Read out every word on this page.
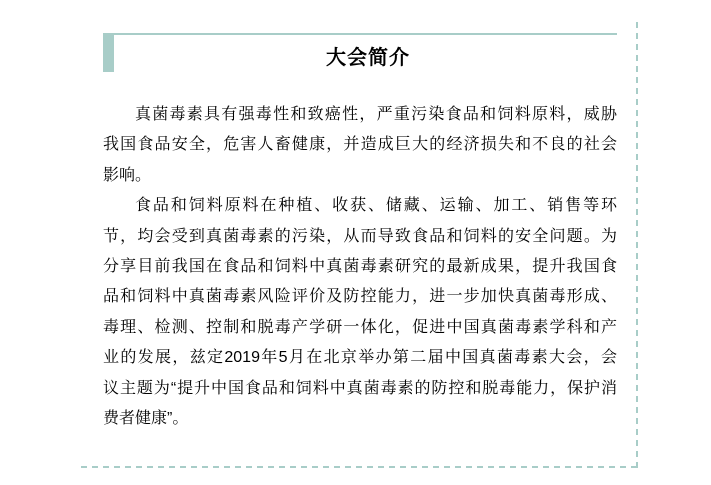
大会简介
真菌毒素具有强毒性和致癌性，严重污染食品和饲料原料，威胁
我国食品安全，危害人畜健康，并造成巨大的经济损失和不良的社会
影响。
食品和饲料原料在种植、收获、储藏、运输、加工、销售等环
节，均会受到真菌毒素的污染，从而导致食品和饲料的安全问题。为
分享目前我国在食品和饲料中真菌毒素研究的最新成果，提升我国食
品和饲料中真菌毒素风险评价及防控能力，进一步加快真菌毒形成、
毒理、检测、控制和脱毒产学研一体化，促进中国真菌毒素学科和产
业的发展，兹定2019年5月在北京举办第二届中国真菌毒素大会，会
议主题为“提升中国食品和饲料中真菌毒素的防控和脱毒能力，保护消
费者健康”。
